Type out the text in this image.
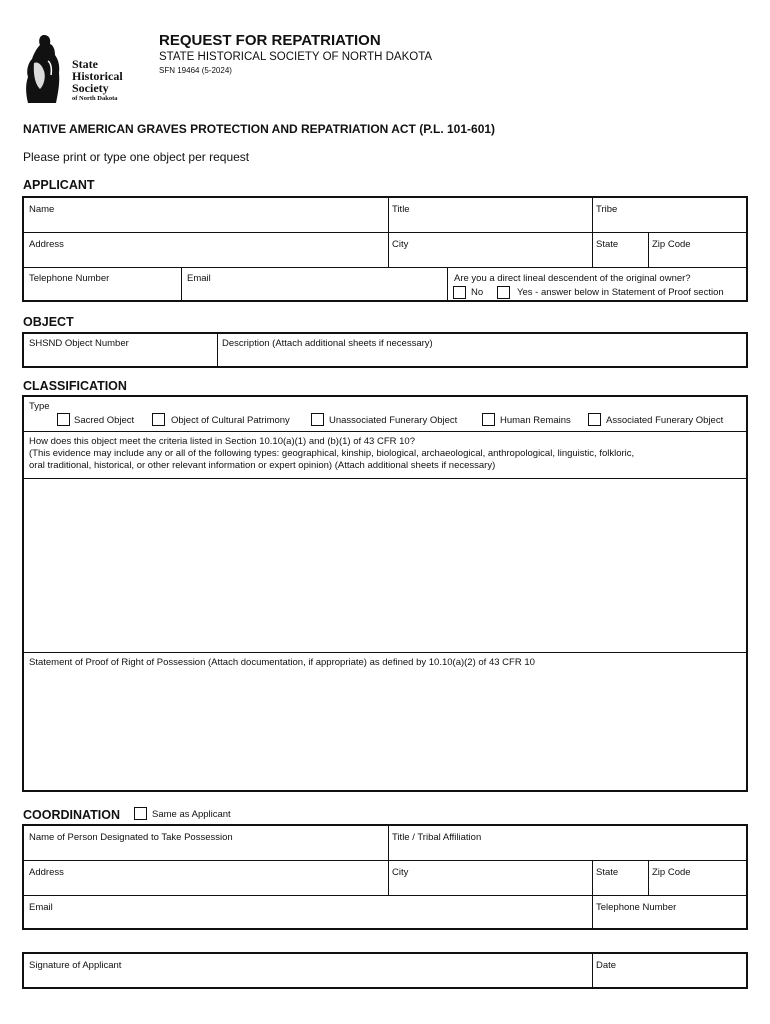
State
Historical
Society
of North Dakota
REQUEST FOR REPATRIATION
STATE HISTORICAL SOCIETY OF NORTH DAKOTA
SFN 19464 (5-2024)
NATIVE AMERICAN GRAVES PROTECTION AND REPATRIATION ACT (P.L. 101-601)
Please print or type one object per request
APPLICANT
Name	Title	Tribe
Address	City	State	Zip Code
Telephone Number	Email	Are you a direct lineal descendent of the original owner?
No	Yes - answer below in Statement of Proof section
OBJECT
SHSND Object Number	Description (Attach additional sheets if necessary)
CLASSIFICATION
Type
Sacred Object	Object of Cultural Patrimony	Unassociated Funerary Object	Human Remains	Associated Funerary Object
How does this object meet the criteria listed in Section 10.10(a)(1) and (b)(1) of 43 CFR 10?
(This evidence may include any or all of the following types: geographical, kinship, biological, archaeological, anthropological, linguistic, folkloric,
oral traditional, historical, or other relevant information or expert opinion) (Attach additional sheets if necessary)
Statement of Proof of Right of Possession (Attach documentation, if appropriate) as defined by 10.10(a)(2) of 43 CFR 10
COORDINATION	Same as Applicant
Name of Person Designated to Take Possession	Title / Tribal Affiliation
Address	City	State	Zip Code
Email	Telephone Number
Signature of Applicant	Date
